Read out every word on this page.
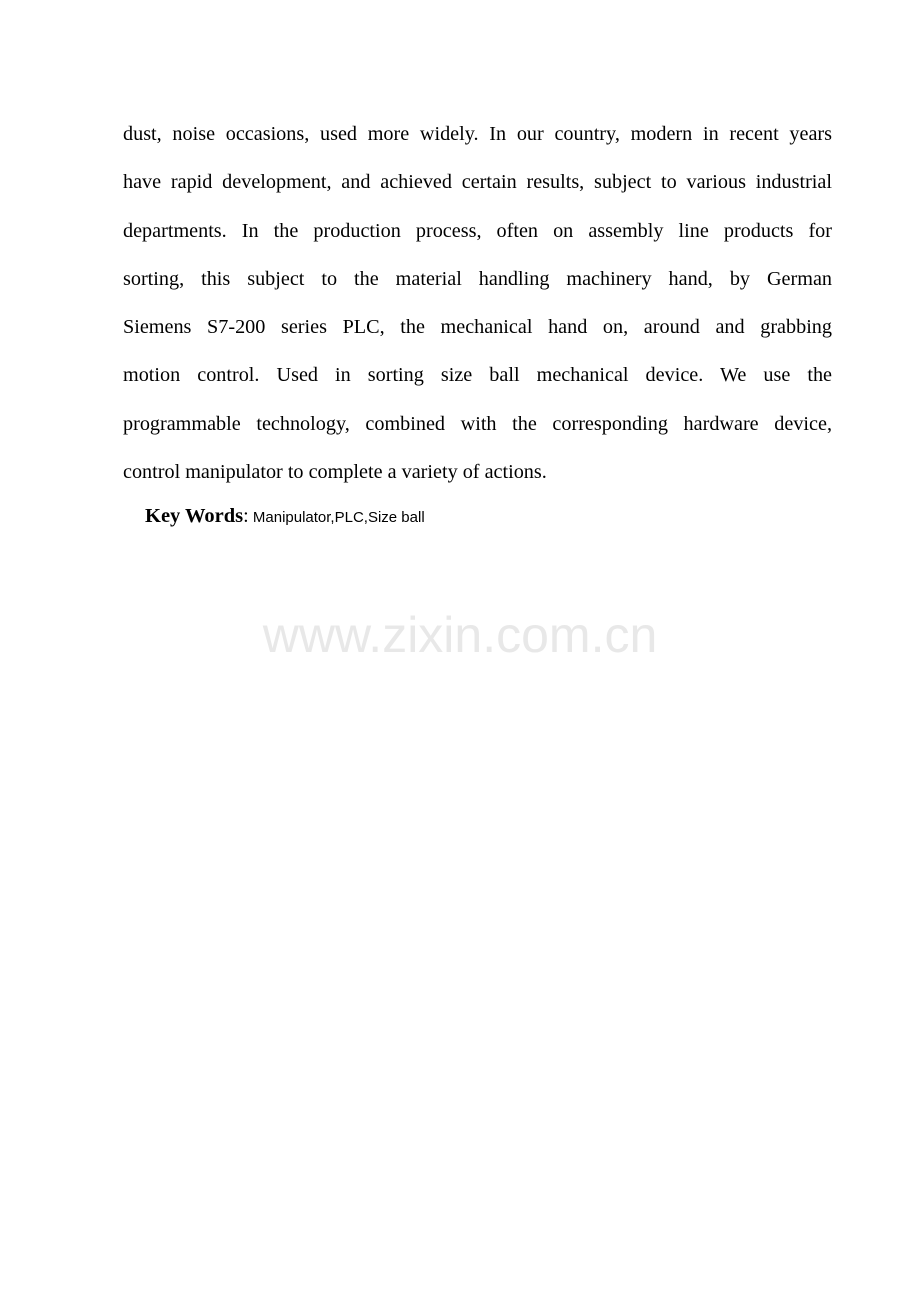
dust, noise occasions, used more widely. In our country, modern in recent years
have rapid development, and achieved certain results, subject to various industrial
departments. In the production process, often on assembly line products for
sorting, this subject to the material handling machinery hand, by German
Siemens S7-200 series PLC, the mechanical hand on, around and grabbing
motion control. Used in sorting size ball mechanical device. We use the
programmable technology, combined with the corresponding hardware device,
control manipulator to complete a variety of actions.
Key Words: Manipulator,PLC,Size ball
www.zixin.com.cn
